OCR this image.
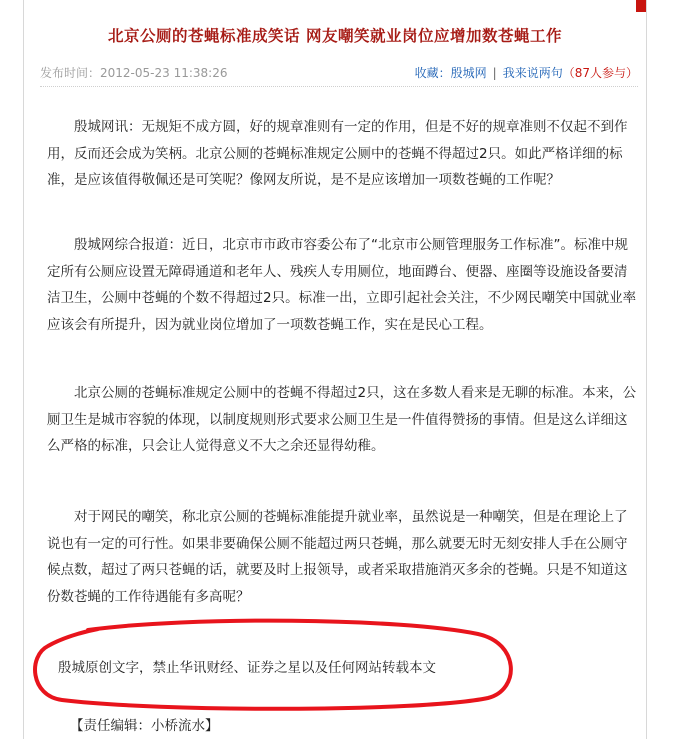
北京公厕的苍蝇标准成笑话 网友嘲笑就业岗位应增加数苍蝇工作
发布时间：2012-05-23 11:38:26	收藏：殷城网 | 我来说两句（87人参与）

殷城网讯：无规矩不成方圆，好的规章准则有一定的作用，但是不好的规章准则不仅起不到作用，反而还会成为笑柄。北京公厕的苍蝇标准规定公厕中的苍蝇不得超过2只。如此严格详细的标准，是应该值得敬佩还是可笑呢？像网友所说，是不是应该增加一项数苍蝇的工作呢？

殷城网综合报道：近日，北京市市政市容委公布了“北京市公厕管理服务工作标准”。标准中规定所有公厕应设置无障碍通道和老年人、残疾人专用厕位，地面蹲台、便器、座圈等设施设备要清洁卫生，公厕中苍蝇的个数不得超过2只。标准一出，立即引起社会关注，不少网民嘲笑中国就业率应该会有所提升，因为就业岗位增加了一项数苍蝇工作，实在是民心工程。

北京公厕的苍蝇标准规定公厕中的苍蝇不得超过2只，这在多数人看来是无聊的标准。本来，公厕卫生是城市容貌的体现，以制度规则形式要求公厕卫生是一件值得赞扬的事情。但是这么详细这么严格的标准，只会让人觉得意义不大之余还显得幼稚。

对于网民的嘲笑，称北京公厕的苍蝇标准能提升就业率，虽然说是一种嘲笑，但是在理论上了说也有一定的可行性。如果非要确保公厕不能超过两只苍蝇，那么就要无时无刻安排人手在公厕守候点数，超过了两只苍蝇的话，就要及时上报领导，或者采取措施消灭多余的苍蝇。只是不知道这份数苍蝇的工作待遇能有多高呢？

殷城原创文字，禁止华讯财经、证券之星以及任何网站转载本文
【责任编辑：小桥流水】
